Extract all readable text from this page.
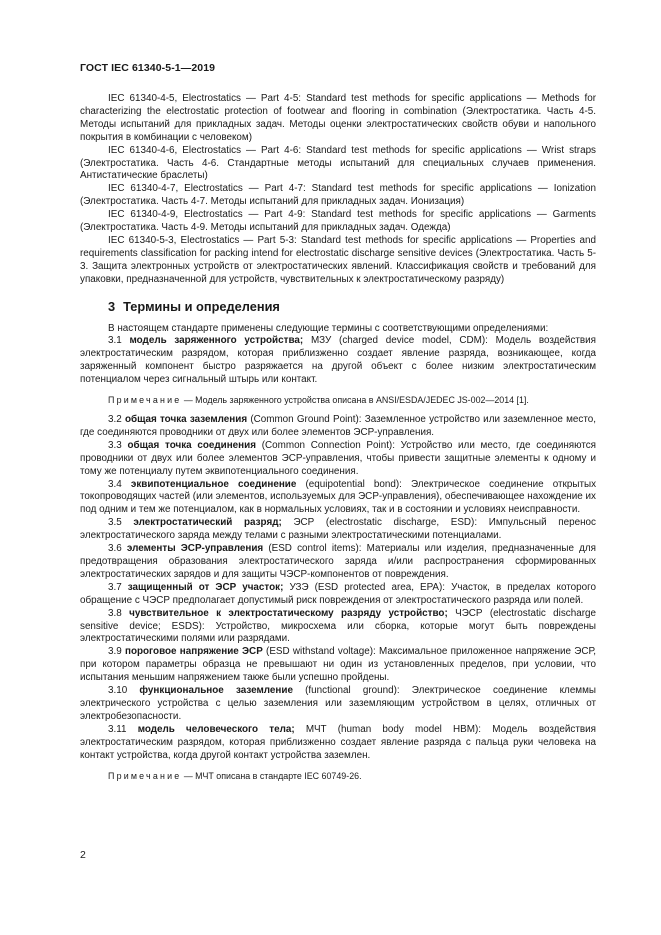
ГОСТ IEC 61340-5-1—2019

IEC 61340-4-5, Electrostatics — Part 4-5: Standard test methods for specific applications — Methods for characterizing the electrostatic protection of footwear and flooring in combination (Электростатика. Часть 4-5. Методы испытаний для прикладных задач. Методы оценки электростатических свойств обуви и напольного покрытия в комбинации с человеком)

IEC 61340-4-6, Electrostatics — Part 4-6: Standard test methods for specific applications — Wrist straps (Электростатика. Часть 4-6. Стандартные методы испытаний для специальных случаев применения. Антистатические браслеты)

IEC 61340-4-7, Electrostatics — Part 4-7: Standard test methods for specific applications — Ionization (Электростатика. Часть 4-7. Методы испытаний для прикладных задач. Ионизация)

IEC 61340-4-9, Electrostatics — Part 4-9: Standard test methods for specific applications — Garments (Электростатика. Часть 4-9. Методы испытаний для прикладных задач. Одежда)

IEC 61340-5-3, Electrostatics — Part 5-3: Standard test methods for specific applications — Properties and requirements classification for packing intend for electrostatic discharge sensitive devices (Электростатика. Часть 5-3. Защита электронных устройств от электростатических явлений. Классификация свойств и требований для упаковки, предназначенной для устройств, чувствительных к электростатическому разряду)

3 Термины и определения

В настоящем стандарте применены следующие термины с соответствующими определениями:

3.1 модель заряженного устройства; МЗУ (charged device model, CDM): Модель воздействия электростатическим разрядом, которая приблизженно создает явление разряда, возникающее, когда заряженный компонент быстро разряжается на другой объект с более низким электростатическим потенциалом через сигнальный штырь или контакт.

Примечание — Модель заряженного устройства описана в ANSI/ESDA/JEDEC JS-002—2014 [1].

3.2 общая точка заземления (Common Ground Point): Заземленное устройство или заземленное место, где соединяются проводники от двух или более элементов ЭСР-управления.

3.3 общая точка соединения (Common Connection Point): Устройство или место, где соединяются проводники от двух или более элементов ЭСР-управления, чтобы привести защитные элементы к одному и тому же потенциалу путем эквипотенциального соединения.

3.4 эквипотенциальное соединение (equipotential bond): Электрическое соединение открытых токопроводящих частей (или элементов, используемых для ЭСР-управления), обеспечивающее нахождение их под одним и тем же потенциалом, как в нормальных условиях, так и в состоянии и условиях неисправности.

3.5 электростатический разряд; ЭСР (electrostatic discharge, ESD): Импульсный перенос электростатического заряда между телами с разными электростатическими потенциалами.

3.6 элементы ЭСР-управления (ESD control items): Материалы или изделия, предназначенные для предотвращения образования электростатического заряда и/или распространения сформированных электростатических зарядов и для защиты ЧЭСР-компонентов от повреждения.

3.7 защищенный от ЭСР участок; УЗЭ (ESD protected area, EPA): Участок, в пределах которого обращение с ЧЭСР предполагает допустимый риск повреждения от электростатического разряда или полей.

3.8 чувствительное к электростатическому разряду устройство; ЧЭСР (electrostatic discharge sensitive device; ESDS): Устройство, микросхема или сборка, которые могут быть повреждены электростатическими полями или разрядами.

3.9 пороговое напряжение ЭСР (ESD withstand voltage): Максимальное приложенное напряжение ЭСР, при котором параметры образца не превышают ни один из установленных пределов, при условии, что испытания меньшим напряжением также были успешно пройдены.

3.10 функциональное заземление (functional ground): Электрическое соединение клеммы электрического устройства с целью заземления или заземляющим устройством в целях, отличных от электробезопасности.

3.11 модель человеческого тела; МЧТ (human body model HBM): Модель воздействия электростатическим разрядом, которая приблизженно создает явление разряда с пальца руки человека на контакт устройства, когда другой контакт устройства заземлен.

Примечание — МЧТ описана в стандарте IEC 60749-26.

2
